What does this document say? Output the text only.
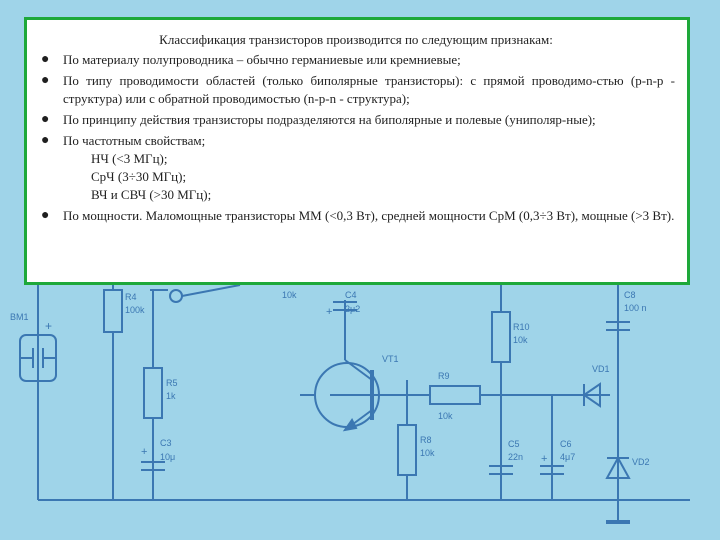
BM1
+
R4
100k
R5
1k
C3
10μ
+
10k	C4
2μ2
+
VT1
R8
10k
R9
10k
R10
10k
C5
22n
C6
4μ7
+
C8
100 n
VD1
VD2
Классификация транзисторов производится по следующим признакам:
● По материалу полупроводника – обычно германиевые или кремниевые;
● По типу проводимости областей (только биполярные транзисторы): с прямой проводимо-стью (p-n-p - структура) или с обратной проводимостью (n-p-n - структура);
● По принципу действия транзисторы подразделяются на биполярные и полевые (униполяр-ные);
● По частотным свойствам;
НЧ (<3 МГц);
СрЧ (3÷30 МГц);
ВЧ и СВЧ (>30 МГц);
● По мощности. Маломощные транзисторы ММ (<0,3 Вт), средней мощности СрМ (0,3÷3 Вт), мощные (>3 Вт).
